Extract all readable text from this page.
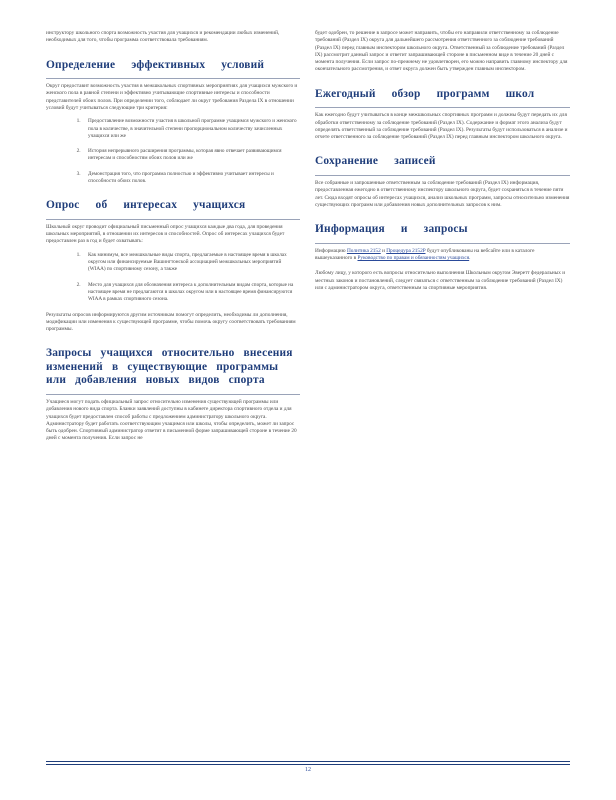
инструктору школьного спорта возможность участия для учащихся и рекомендации любых изменений, необходимых для того, чтобы программа соответствовала требованиям.

Определение эффективных условий

Округ предоставит возможность участия в межшкольных спортивных мероприятиях для учащихся мужского и женского пола в равной степени и эффективно учитывающие спортивные интересы и способности представителей обоих полов. При определении того, соблюдает ли округ требования Раздела IX в отношении условий будут учитываться следующие три критерия:

1. Предоставление возможности участия в школьной программе учащимся мужского и женского пола в количестве, в значительной степени пропорциональном количеству зачисленных учащихся или же
2. История непрерывного расширения программы, которая явно отвечает развивающимся интересам и способностям обоих полов или же
3. Демонстрация того, что программа полностью и эффективно учитывает интересы и способности обоих полов.
Опрос об интересах учащихся

Школьный округ проводит официальный письменный опрос учащихся каждые два года, для проведения школьных мероприятий, в отношении их интересов и способностей. Опрос об интересах учащихся будет предоставлен раз в год и будет охватывать:

1. Как минимум, все межшкольные виды спорта, предлагаемые в настоящее время в школах округом или финансируемые Вашингтонской ассоциацией межшкольных мероприятий (WIAA) по спортивному сезону, а также
2. Место для учащихся для обозначения интереса к дополнительным видам спорта, которые на настоящее время не предлагаются в школах округом или в настоящее время финансируются WIAA в рамках спортивного сезона.

Результаты опросов информируются другим источникам помогут определить, необходимы ли дополнения, модификации или изменения к существующей программе, чтобы помочь округу соответствовать требованиям программы.

Запросы учащихся относительно внесения изменений в существующие программы или добавления новых видов спорта

Учащиеся могут подать официальный запрос относительно изменения существующей программы или добавления нового вида спорта. Бланки заявлений доступны в кабинете директора спортивного отдела и для учащихся будет предоставлен способ работы с предложением администратору школьного округа. Администратору будет работать соответствующим учащимся или школы, чтобы определить, может ли запрос быть одобрен. Спортивный администратор ответит в письменной форме запрашивающей стороне в течение 20 дней с момента получения. Если запрос не

будет одобрен, то решение в запросе может направить, чтобы его направили ответственному за соблюдение требований (Раздел IX) округа для дальнейшего рассмотрения ответственного за соблюдение требований (Раздел IX) перед главным инспектором школьного округа. Ответственный за соблюдение требований (Раздел IX) рассмотрит данный запрос и ответит запрашивающей стороне в письменном виде в течение 20 дней с момента получения. Если запрос по-прежнему не удовлетворен, его можно направить главному инспектору для окончательного рассмотрения, и ответ округа должен быть утвержден главным инспектором.

Ежегодный обзор программ школ

Как ежегодно будут учитываться в конце межшкольных спортивных программ и должны будут передать их для обработки ответственному за соблюдение требований (Раздел IX). Содержание и формат этого анализа будут определять ответственный за соблюдение требований (Раздел IX). Результаты будут использоваться в анализе и отчете ответственного за соблюдение требований (Раздел IX) перед главным инспектором школьного округа.

Сохранение записей

Все собранные и запрошенные ответственным за соблюдение требований (Раздел IX) информация, предоставленная ежегодно в ответственному инспектору школьного округа, будет сохраняться в течение пяти лет. Сюда входят опросы об интересах учащихся, анализ школьных программ, запросы относительно изменения существующих программ или добавления новых дополнительных запросов к ним.

Информация и запросы

Информацию Политика 2152 и Процедура 2152P будут опубликованы на вебсайте или в каталоге вышеуказанного в Руководство по правам и обязанностям учащихся.

Любому лицу, у которого есть вопросы относительно выполнения Школьным округом Эверетт федеральных и местных законов и постановлений, следует связаться с ответственным за соблюдение требований (Раздел IX) или с администратором округа, ответственным за спортивные мероприятия.

12
